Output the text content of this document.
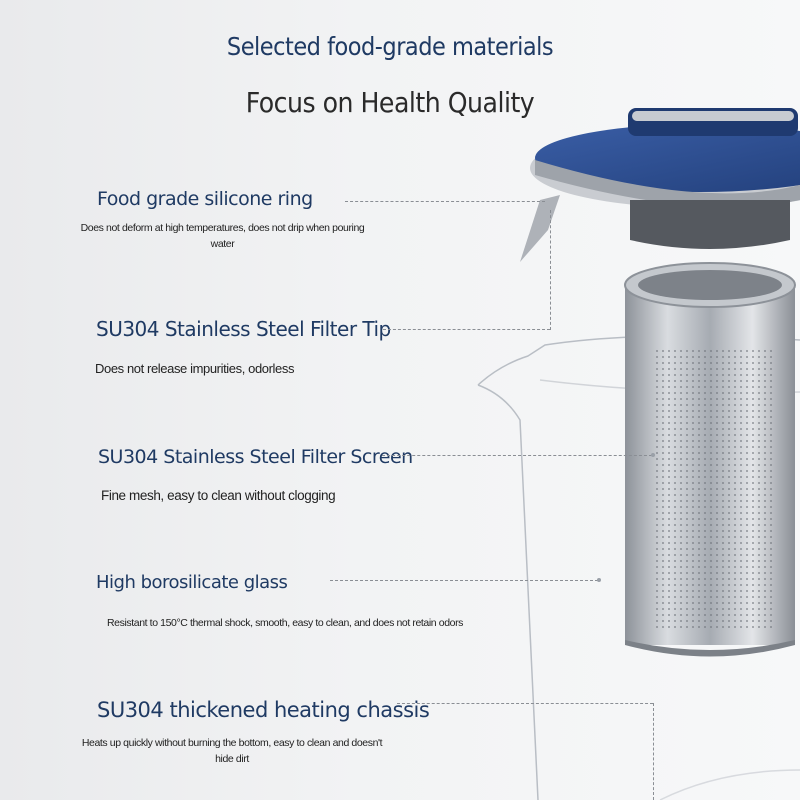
Selected food-grade materials
Focus on Health Quality
Food grade silicone ring
Does not deform at high temperatures, does not drip when pouring water
SU304 Stainless Steel Filter Tip
Does not release impurities, odorless
SU304 Stainless Steel Filter Screen
Fine mesh, easy to clean without clogging
High borosilicate glass
Resistant to 150°C thermal shock, smooth, easy to clean, and does not retain odors
SU304 thickened heating chassis
Heats up quickly without burning the bottom, easy to clean and doesn't hide dirt
